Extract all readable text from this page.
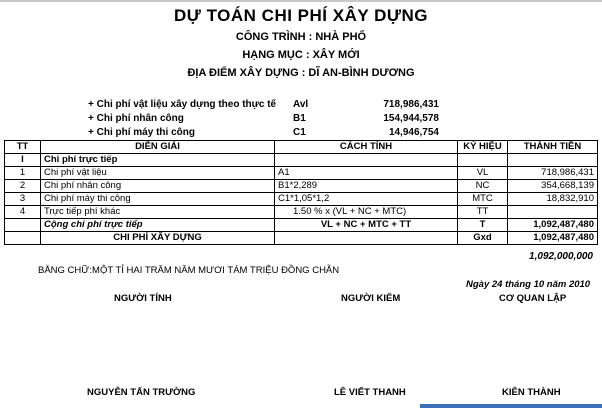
DỰ TOÁN CHI PHÍ XÂY DỰNG
CÔNG TRÌNH : NHÀ PHỐ
HẠNG MỤC : XÂY MỚI
ĐỊA ĐIỂM XÂY DỰNG : DĨ AN-BÌNH DƯƠNG
+ Chi phí vật liệu xây dựng theo thực tế Avl	718,986,431
+ Chi phí nhân công	B1	154,944,578
+ Chi phí máy thi công	C1	14,946,754
TT	DIỄN GIẢI	CÁCH TÍNH	KÝ HIỆU	THÀNH TIỀN
I	Chi phí trực tiếp			
1	Chi phí vật liệu	A1	VL	718,986,431
2	Chi phí nhân công	B1*2,289	NC	354,668,139
3	Chi phí máy thi công	C1*1,05*1,2	MTC	18,832,910
4	Trực tiếp phí khác	1.50 % x (VL + NC + MTC)	TT	
	Cộng chi phí trực tiếp	VL + NC + MTC + TT	T	1,092,487,480
	CHI PHÍ XÂY DỰNG		Gxd	1,092,487,480
1,092,000,000
BẰNG CHỮ:MỘT TỈ HAI TRĂM NĂM MƯƠI TÁM TRIỆU ĐỒNG CHẴN
Ngày 24 tháng 10 năm 2010
NGƯỜI TÍNH	NGƯỜI KIỂM	CƠ QUAN LẬP
NGUYỄN TẤN TRƯỜNG	LÊ VIẾT THANH	KIÊN THÀNH
